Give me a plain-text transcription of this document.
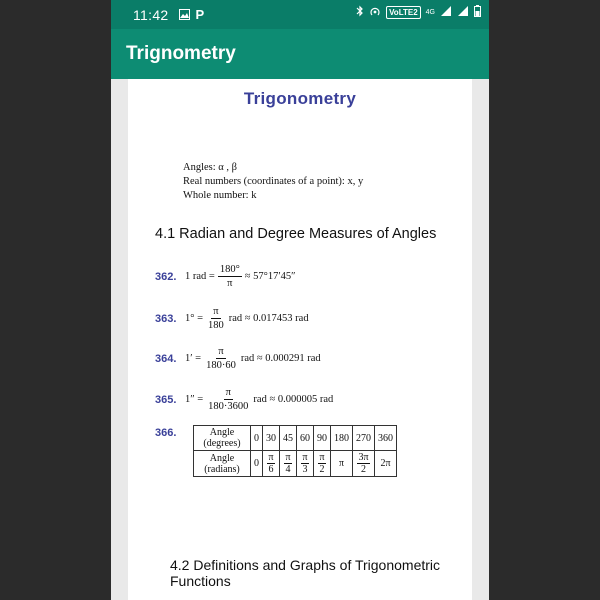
11:42 P	VoLTE2	4G
Trignometry
Trigonometry
Angles: α , β
Real numbers (coordinates of a point): x, y
Whole number: k
4.1 Radian and Degree Measures of Angles
362. 1 rad = $\frac{180^\circ}{\pi} \approx 57^\circ 17'45''$
363. $1^\circ = \frac{\pi}{180}$ rad ≈ 0.017453 rad
364. $1' = \frac{\pi}{180\cdot 60}$ rad ≈ 0.000291 rad
365. $1'' = \frac{\pi}{180\cdot 3600}$ rad ≈ 0.000005 rad
366.	Angle (degrees)	0	30	45	60	90	180	270	360
Angle (radians)	0	$\frac{\pi}{6}$	$\frac{\pi}{4}$	$\frac{\pi}{3}$	$\frac{\pi}{2}$	π	$\frac{3\pi}{2}$	2π
4.2 Definitions and Graphs of Trigonometric Functions
